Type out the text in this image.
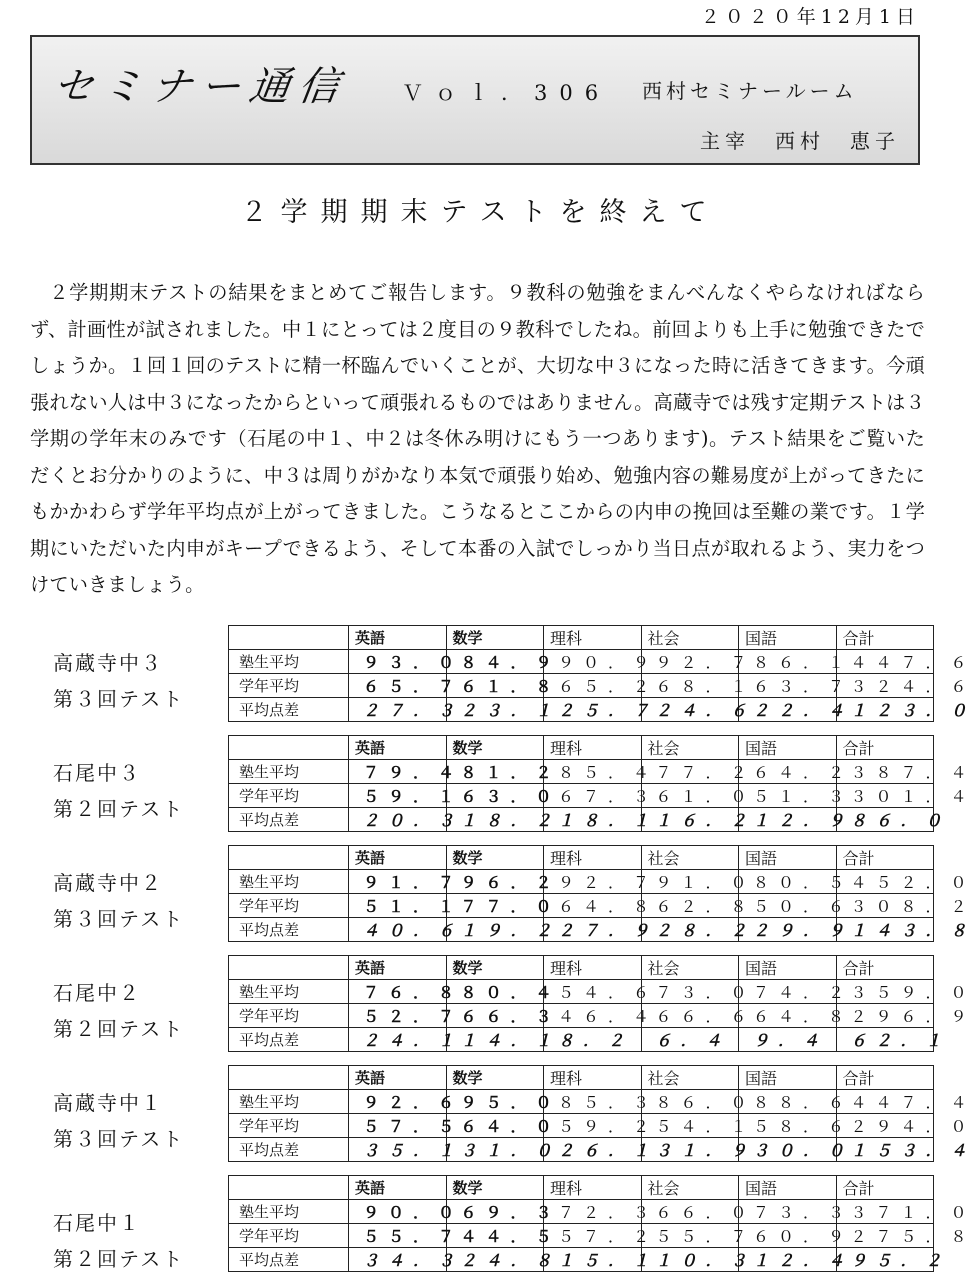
２０２０年12月1日
セミナー通信 Ｖｏｌ．306 西村セミナールーム
主宰　西村　恵子
２学期期末テストを終えて
２学期期末テストの結果をまとめてご報告します。９教科の勉強をまんべんなくやらなければならず、計画性が試されました。中１にとっては２度目の９教科でしたね。前回よりも上手に勉強できたでしょうか。１回１回のテストに精一杯臨んでいくことが、大切な中３になった時に活きてきます。今頑張れない人は中３になったからといって頑張れるものではありません。高蔵寺では残す定期テストは３学期の学年末のみです（石尾の中１、中２は冬休み明けにもう一つあります)。テスト結果をご覧いただくとお分かりのように、中３は周りがかなり本気で頑張り始め、勉強内容の難易度が上がってきたにもかかわらず学年平均点が上がってきました。こうなるとここからの内申の挽回は至難の業です。１学期にいただいた内申がキープできるよう、そして本番の入試でしっかり当日点が取れるよう、実力をつけていきましょう。
高蔵寺中３
第３回テスト
	英語	数学	理科	社会	国語	合計
塾生平均	９３．０	８４．９	９０．９	９２．７	８６．１	４４７．６
学年平均	６５．７	６１．８	６５．２	６８．１	６３．７	３２４．６
平均点差	２７．３	２３．１	２５．７	２４．６	２２．４	１２３．０
石尾中３
第２回テスト
	英語	数学	理科	社会	国語	合計
塾生平均	７９．４	８１．２	８５．４	７７．２	６４．２	３８７．４
学年平均	５９．１	６３．０	６７．３	６１．０	５１．３	３０１．４
平均点差	２０．３	１８．２	１８．１	１６．２	１２．９	８６．０
高蔵寺中２
第３回テスト
	英語	数学	理科	社会	国語	合計
塾生平均	９１．７	９６．２	９２．７	９１．０	８０．５	４５２．０
学年平均	５１．１	７７．０	６４．８	６２．８	５０．６	３０８．２
平均点差	４０．６	１９．２	２７．９	２８．２	２９．９	１４３．８
石尾中２
第２回テスト
	英語	数学	理科	社会	国語	合計
塾生平均	７６．８	８０．４	５４．６	７３．０	７４．２	３５９．０
学年平均	５２．７	６６．３	４６．４	６６．６	６４．８	２９６．９
平均点差	２４．１	１４．１	８．２	６．４	９．４	６２．１
高蔵寺中１
第３回テスト
	英語	数学	理科	社会	国語	合計
塾生平均	９２．６	９５．０	８５．３	８６．０	８８．６	４４７．４
学年平均	５７．５	６４．０	５９．２	５４．１	５８．６	２９４．０
平均点差	３５．１	３１．０	２６．１	３１．９	３０．０	１５３．４
石尾中１
第２回テスト
	英語	数学	理科	社会	国語	合計
塾生平均	９０．０	６９．３	７２．３	６６．０	７３．３	３７１．０
学年平均	５５．７	４４．５	５７．２	５５．７	６０．９	２７５．８
平均点差	３４．３	２４．８	１５．１	１０．３	１２．４	９５．２
